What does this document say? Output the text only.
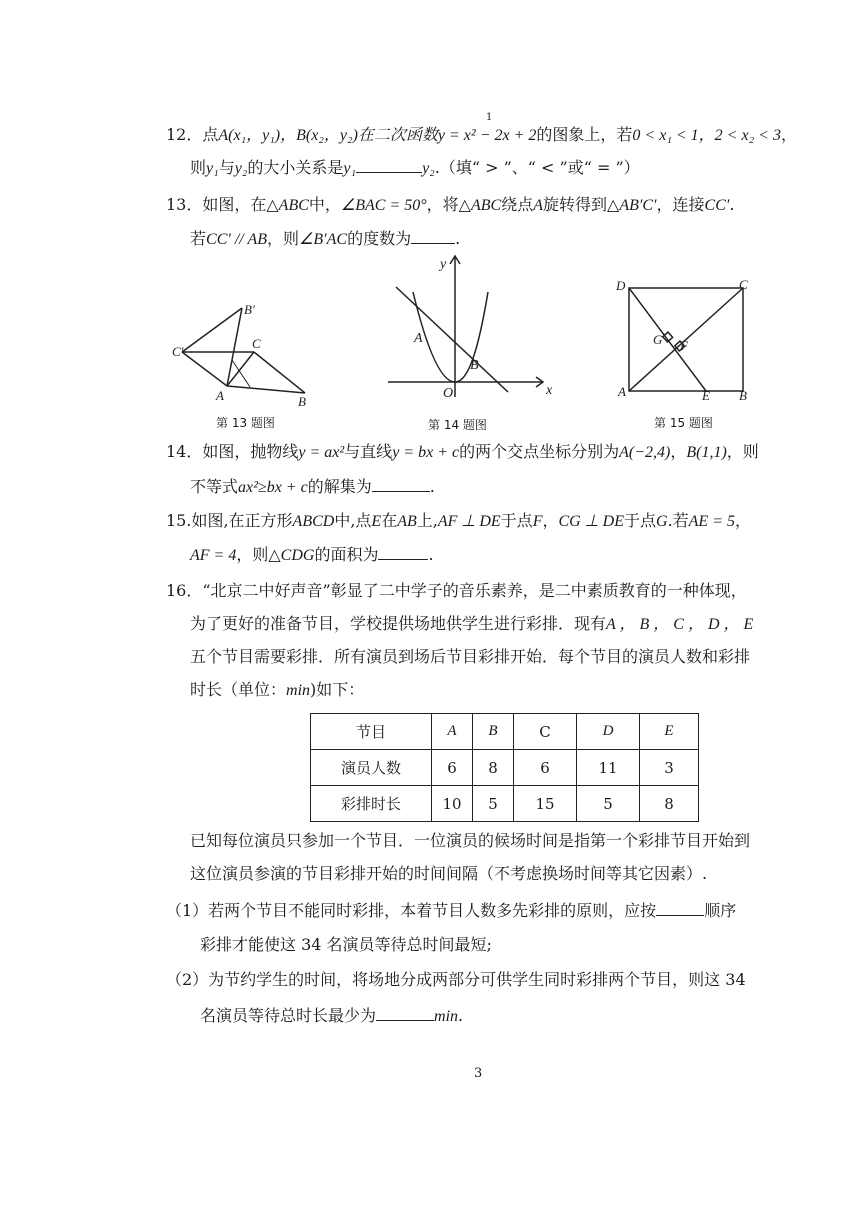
1
12．点A(x₁，y₁)，B(x₂，y₂)在二次函数y = x² − 2x + 2的图象上，若0 < x₁ < 1，2 < x₂ < 3，
则y₁与y₂的大小关系是y₁	y₂.（填“ > ”、“ < ”或“ = ”）
13．如图，在△ABC中，∠BAC = 50°，将△ABC绕点A旋转得到△AB′C′，连接CC′.
若CC′ // AB，则∠B′AC的度数为	.
B′
C′
C
A	B
第 13 题图
y
A
B
O	x
第 14 题图
D	C
G F
A	E B
第 15 题图
14．如图，抛物线y = ax²与直线y = bx + c的两个交点坐标分别为A(−2,4)，B(1,1)，则
不等式ax²≥bx + c的解集为	.
15.如图,在正方形ABCD中,点E在AB上,AF ⊥ DE于点F，CG ⊥ DE于点G.若AE = 5，
AF = 4，则△CDG的面积为	.
16．“北京二中好声音”彰显了二中学子的音乐素养，是二中素质教育的一种体现，
为了更好的准备节目，学校提供场地供学生进行彩排．现有A ， B ， C ， D ， E
五个节目需要彩排．所有演员到场后节目彩排开始．每个节目的演员人数和彩排
时长（单位：min)如下：
节目	A	B	C	D	E
演员人数	6	8	6	11	3
彩排时长	10	5	15	5	8
已知每位演员只参加一个节目．一位演员的候场时间是指第一个彩排节目开始到
这位演员参演的节目彩排开始的时间间隔（不考虑换场时间等其它因素）.
（1）若两个节目不能同时彩排，本着节目人数多先彩排的原则，应按	顺序
彩排才能使这 34 名演员等待总时间最短;
（2）为节约学生的时间，将场地分成两部分可供学生同时彩排两个节目，则这 34
名演员等待总时长最少为	min.
3
